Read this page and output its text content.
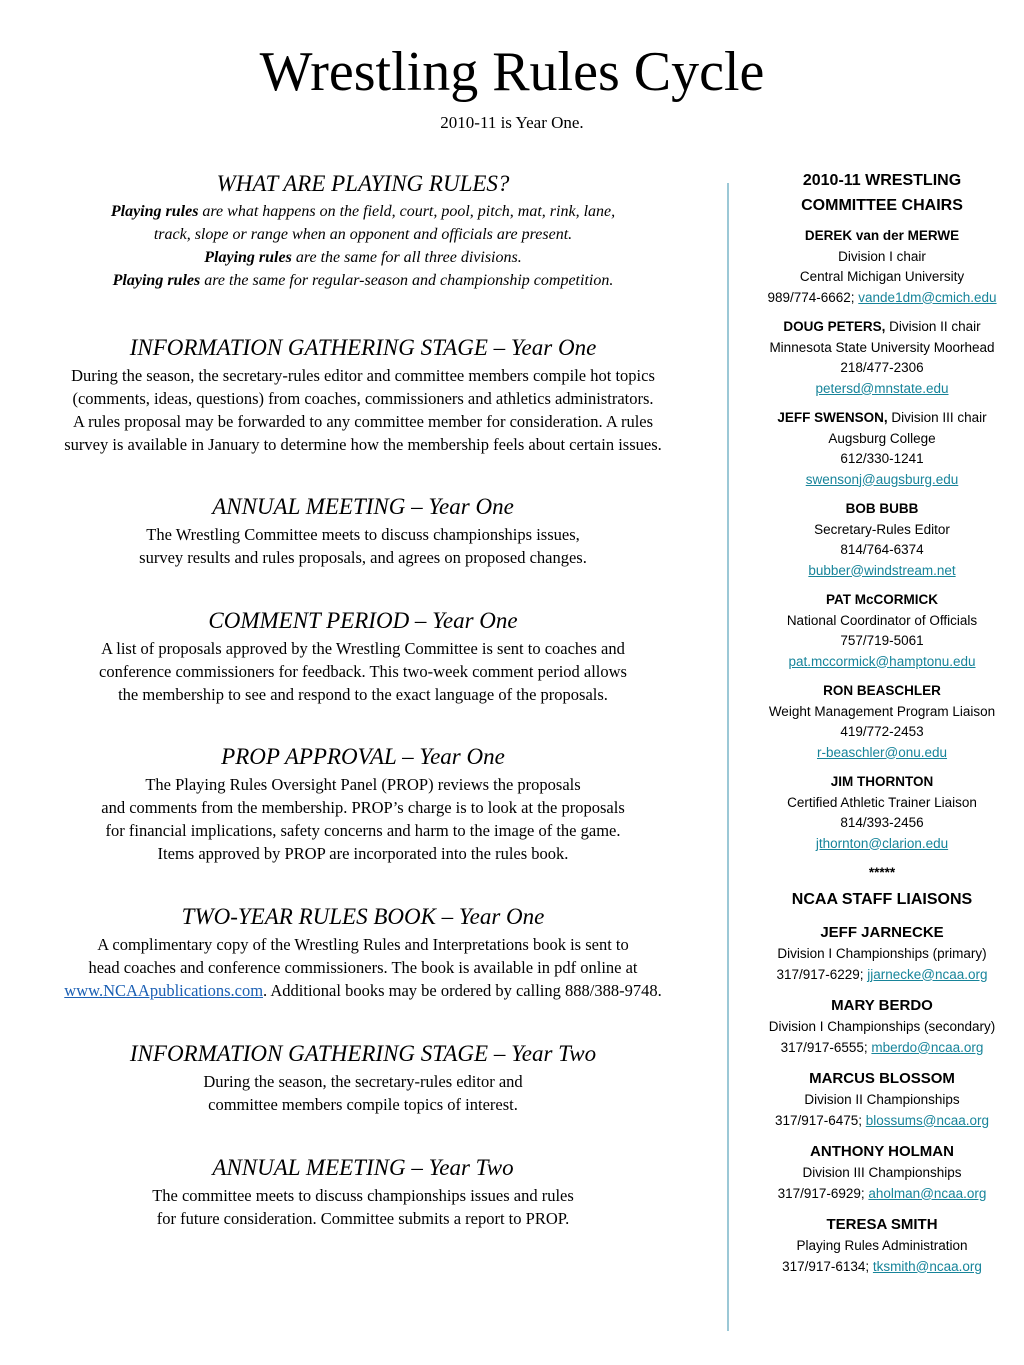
Wrestling Rules Cycle
2010-11 is Year One.
WHAT ARE PLAYING RULES?
Playing rules are what happens on the field, court, pool, pitch, mat, rink, lane,
track, slope or range when an opponent and officials are present.
Playing rules are the same for all three divisions.
Playing rules are the same for regular-season and championship competition.
INFORMATION GATHERING STAGE – Year One
During the season, the secretary-rules editor and committee members compile hot topics
(comments, ideas, questions) from coaches, commissioners and athletics administrators.
A rules proposal may be forwarded to any committee member for consideration. A rules
survey is available in January to determine how the membership feels about certain issues.
ANNUAL MEETING – Year One
The Wrestling Committee meets to discuss championships issues,
survey results and rules proposals, and agrees on proposed changes.
COMMENT PERIOD – Year One
A list of proposals approved by the Wrestling Committee is sent to coaches and
conference commissioners for feedback. This two-week comment period allows
the membership to see and respond to the exact language of the proposals.
PROP APPROVAL – Year One
The Playing Rules Oversight Panel (PROP) reviews the proposals
and comments from the membership. PROP’s charge is to look at the proposals
for financial implications, safety concerns and harm to the image of the game.
Items approved by PROP are incorporated into the rules book.
TWO-YEAR RULES BOOK – Year One
A complimentary copy of the Wrestling Rules and Interpretations book is sent to
head coaches and conference commissioners. The book is available in pdf online at
www.NCAApublications.com. Additional books may be ordered by calling 888/388-9748.
INFORMATION GATHERING STAGE – Year Two
During the season, the secretary-rules editor and
committee members compile topics of interest.
ANNUAL MEETING – Year Two
The committee meets to discuss championships issues and rules
for future consideration. Committee submits a report to PROP.
2010-11 WRESTLING
COMMITTEE CHAIRS
DEREK van der MERWE
Division I chair
Central Michigan University
989/774-6662; vande1dm@cmich.edu
DOUG PETERS, Division II chair
Minnesota State University Moorhead
218/477-2306
petersd@mnstate.edu
JEFF SWENSON, Division III chair
Augsburg College
612/330-1241
swensonj@augsburg.edu
BOB BUBB
Secretary-Rules Editor
814/764-6374
bubber@windstream.net
PAT McCORMICK
National Coordinator of Officials
757/719-5061
pat.mccormick@hamptonu.edu
RON BEASCHLER
Weight Management Program Liaison
419/772-2453
r-beaschler@onu.edu
JIM THORNTON
Certified Athletic Trainer Liaison
814/393-2456
jthornton@clarion.edu
*****
NCAA STAFF LIAISONS
JEFF JARNECKE
Division I Championships (primary)
317/917-6229; jjarnecke@ncaa.org
MARY BERDO
Division I Championships (secondary)
317/917-6555; mberdo@ncaa.org
MARCUS BLOSSOM
Division II Championships
317/917-6475; blossums@ncaa.org
ANTHONY HOLMAN
Division III Championships
317/917-6929; aholman@ncaa.org
TERESA SMITH
Playing Rules Administration
317/917-6134; tksmith@ncaa.org
